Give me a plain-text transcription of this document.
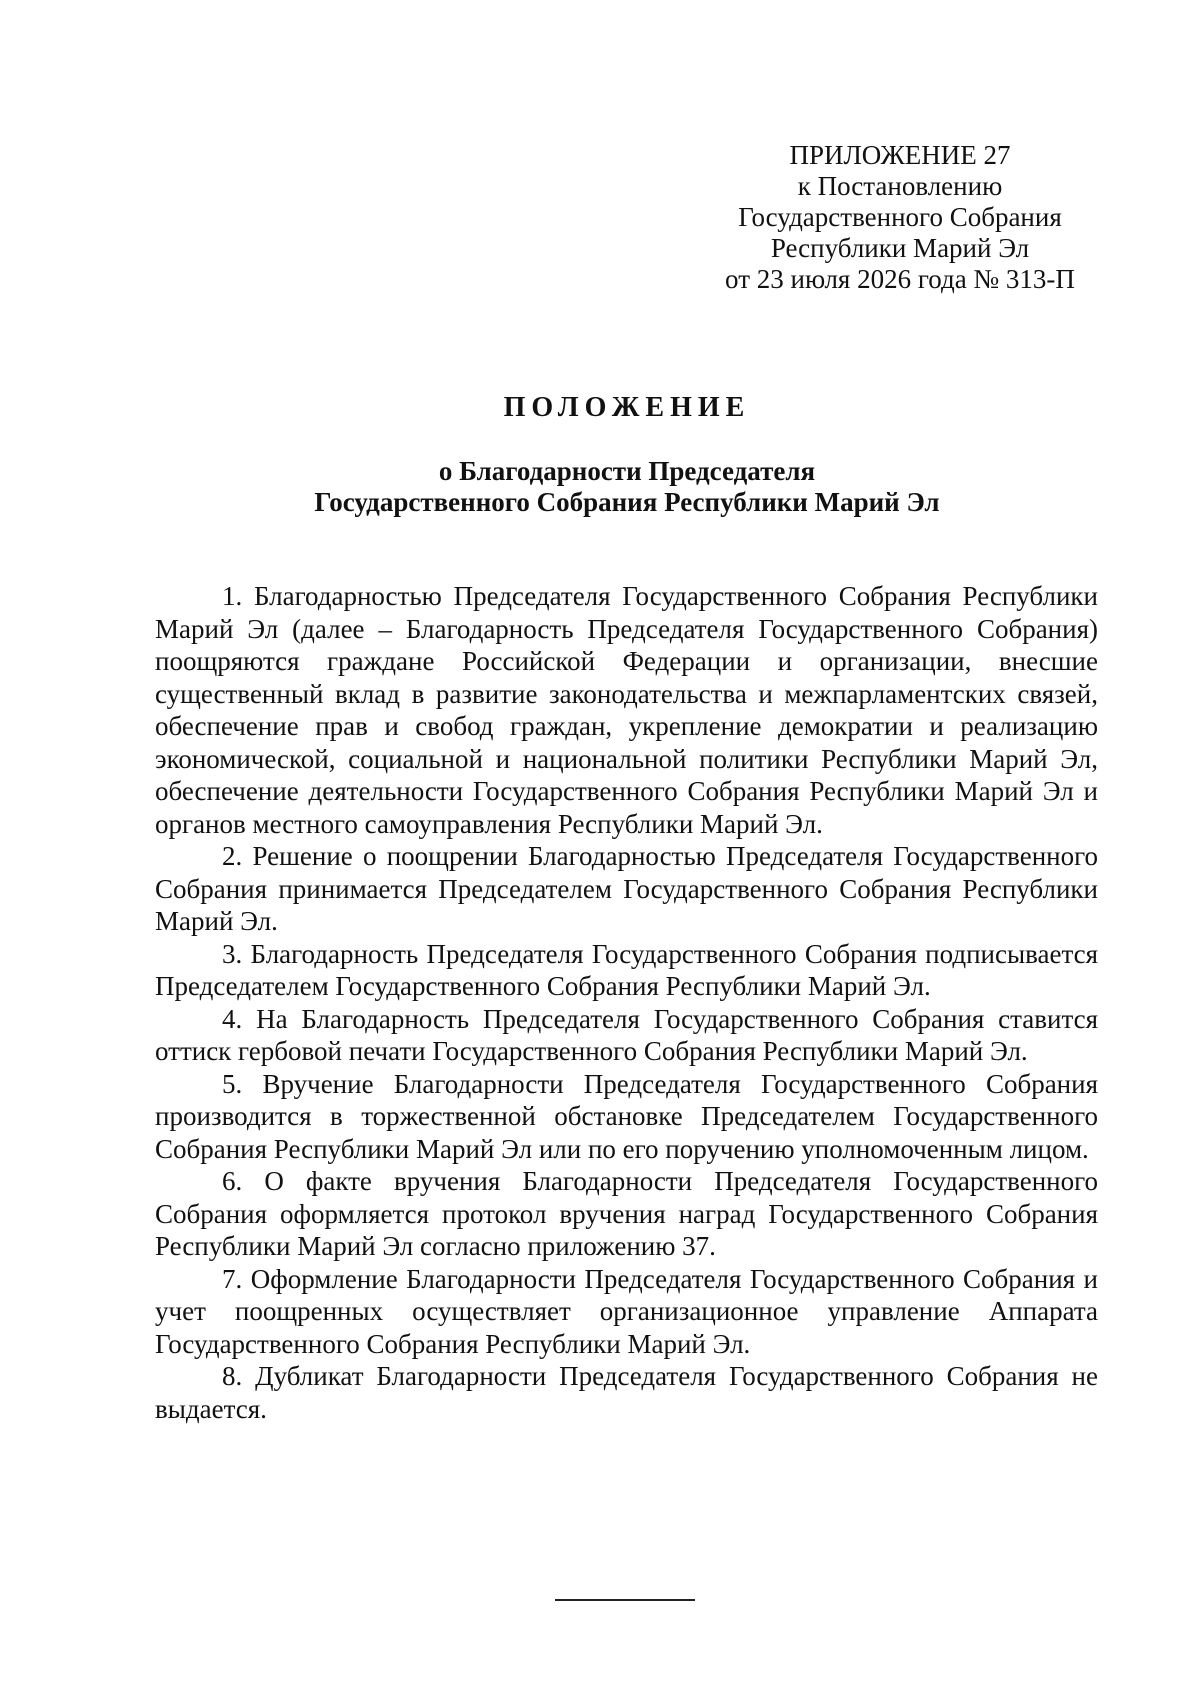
ПРИЛОЖЕНИЕ 27
к Постановлению
Государственного Собрания
Республики Марий Эл
от 23 июля 2026 года № 313-П
ПОЛОЖЕНИЕ
о Благодарности Председателя
Государственного Собрания Республики Марий Эл

1. Благодарностью Председателя Государственного Собрания Республики Марий Эл (далее – Благодарность Председателя Государственного Собрания) поощряются граждане Российской Федерации и организации, внесшие существенный вклад в развитие законодательства и межпарламентских связей, обеспечение прав и свобод граждан, укрепление демократии и реализацию экономической, социальной и национальной политики Республики Марий Эл, обеспечение деятельности Государственного Собрания Республики Марий Эл и органов местного самоуправления Республики Марий Эл.

2. Решение о поощрении Благодарностью Председателя Государственного Собрания принимается Председателем Государственного Собрания Республики Марий Эл.

3. Благодарность Председателя Государственного Собрания подписывается Председателем Государственного Собрания Республики Марий Эл.

4. На Благодарность Председателя Государственного Собрания ставится оттиск гербовой печати Государственного Собрания Республики Марий Эл.

5. Вручение Благодарности Председателя Государственного Собрания производится в торжественной обстановке Председателем Государственного Собрания Республики Марий Эл или по его поручению уполномоченным лицом.

6. О факте вручения Благодарности Председателя Государственного Собрания оформляется протокол вручения наград Государственного Собрания Республики Марий Эл согласно приложению 37.

7. Оформление Благодарности Председателя Государственного Собрания и учет поощренных осуществляет организационное управление Аппарата Государственного Собрания Республики Марий Эл.

8. Дубликат Благодарности Председателя Государственного Собрания не выдается.
